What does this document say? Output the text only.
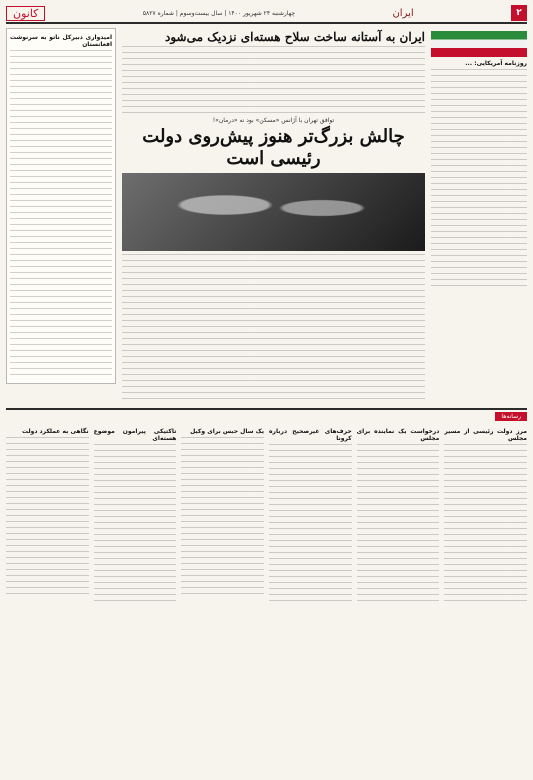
۲
ایران
چهارشنبه ۲۴ شهریور ۱۴۰۰ | سال بیست‌وسوم | شماره ۵۸۲۷
کانون
روزنامه آمریکایی: ...
ایران به آستانه ساخت سلاح هسته‌ای نزدیک می‌شود
توافق تهران با آژانس «مسکن» بود نه «درمان»!
چالش بزرگ‌تر هنوز پیش‌روی دولت رئیسی است
امیدواری دبیرکل ناتو به سرنوشت افغانستان
رسانه‌ها
مرز دولت رئیسی از مسیر مجلس
درخواست یک نماینده برای مجلس
حرف‌های غیرصحیح درباره کرونا
یک سال حبس برای وکیل
تاکتیکی پیرامون موضوع هسته‌ای
نگاهی به عملکرد دولت
